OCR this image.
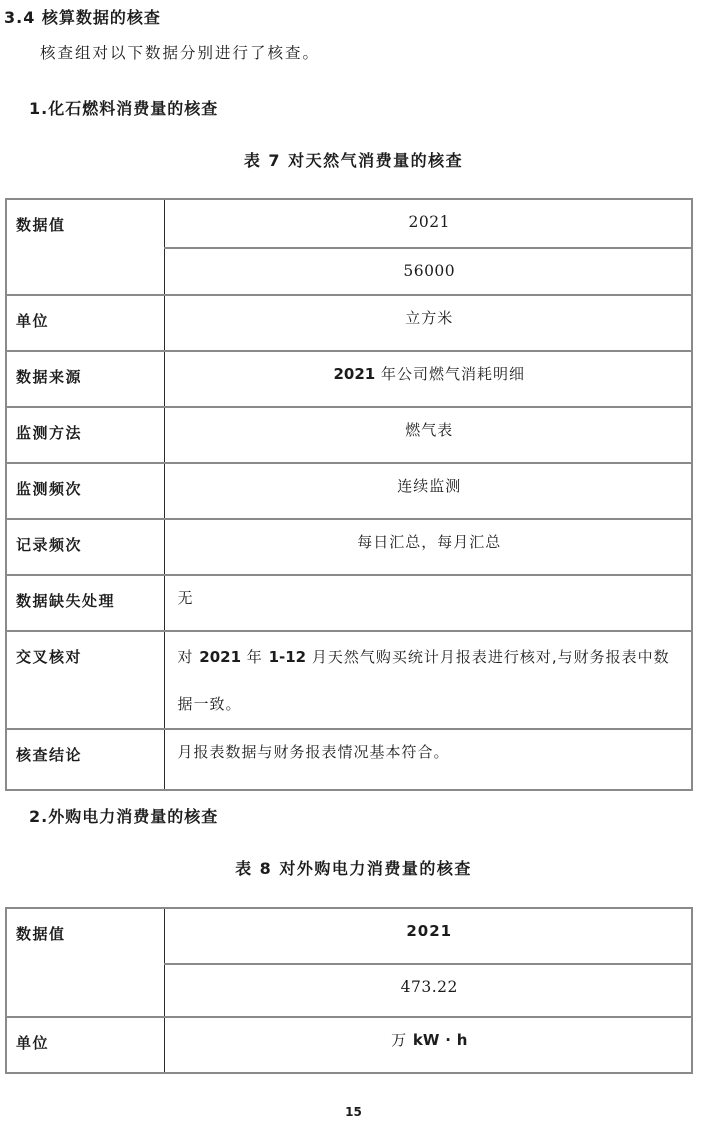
3.4 核算数据的核查

核查组对以下数据分别进行了核查。

1.化石燃料消费量的核查
表 7 对天然气消费量的核查
数据值	2021
	56000
单位	立方米
数据来源	2021 年公司燃气消耗明细
监测方法	燃气表
监测频次	连续监测
记录频次	每日汇总，每月汇总
数据缺失处理	无
交叉核对	对 2021 年 1-12 月天然气购买统计月报表进行核对,与财务报表中数据一致。
核查结论	月报表数据与财务报表情况基本符合。
2.外购电力消费量的核查
表 8 对外购电力消费量的核查
数据值	2021
	473.22
单位	万 kW · h
15
